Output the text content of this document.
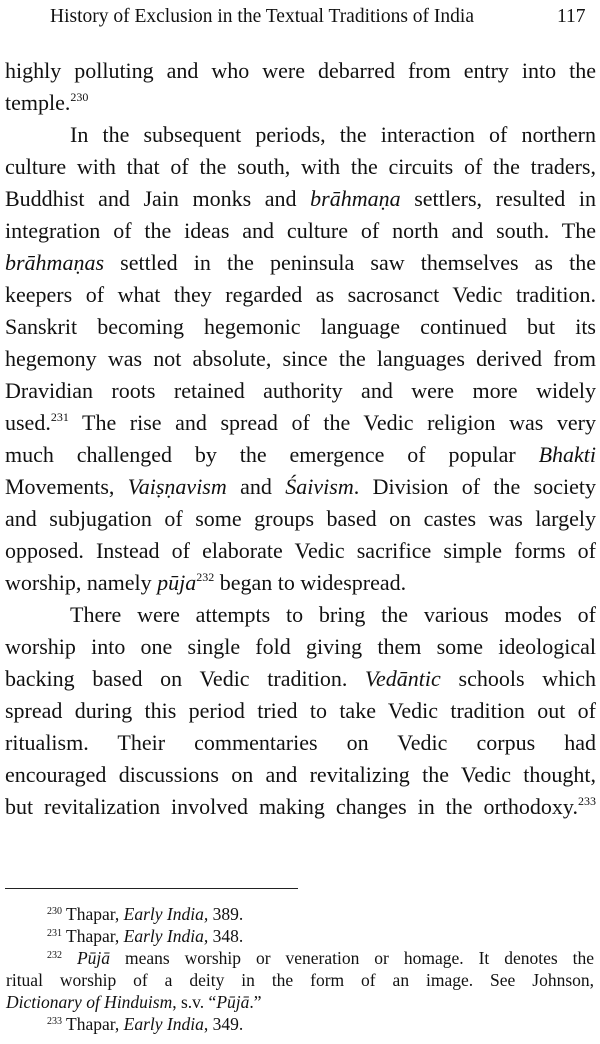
History of Exclusion in the Textual Traditions of India	117
highly polluting and who were debarred from entry into the
temple.$^{230}$
In the subsequent periods, the interaction of northern
culture with that of the south, with the circuits of the traders,
Buddhist and Jain monks and brāhmaṇa settlers, resulted in
integration of the ideas and culture of north and south. The
brāhmaṇas settled in the peninsula saw themselves as the
keepers of what they regarded as sacrosanct Vedic tradition.
Sanskrit becoming hegemonic language continued but its
hegemony was not absolute, since the languages derived from
Dravidian roots retained authority and were more widely
used.$^{231}$ The rise and spread of the Vedic religion was very
much challenged by the emergence of popular Bhakti
Movements, Vaiṣṇavism and Śaivism. Division of the society
and subjugation of some groups based on castes was largely
opposed. Instead of elaborate Vedic sacrifice simple forms of
worship, namely pūja$^{232}$ began to widespread.
There were attempts to bring the various modes of
worship into one single fold giving them some ideological
backing based on Vedic tradition. Vedāntic schools which
spread during this period tried to take Vedic tradition out of
ritualism. Their commentaries on Vedic corpus had
encouraged discussions on and revitalizing the Vedic thought,
but revitalization involved making changes in the orthodoxy.$^{233}$
$^{230}$ Thapar, Early India, 389.
$^{231}$ Thapar, Early India, 348.
$^{232}$ Pūjā means worship or veneration or homage. It denotes the
ritual worship of a deity in the form of an image. See Johnson,
Dictionary of Hinduism, s.v. “Pūjā.”
$^{233}$ Thapar, Early India, 349.
